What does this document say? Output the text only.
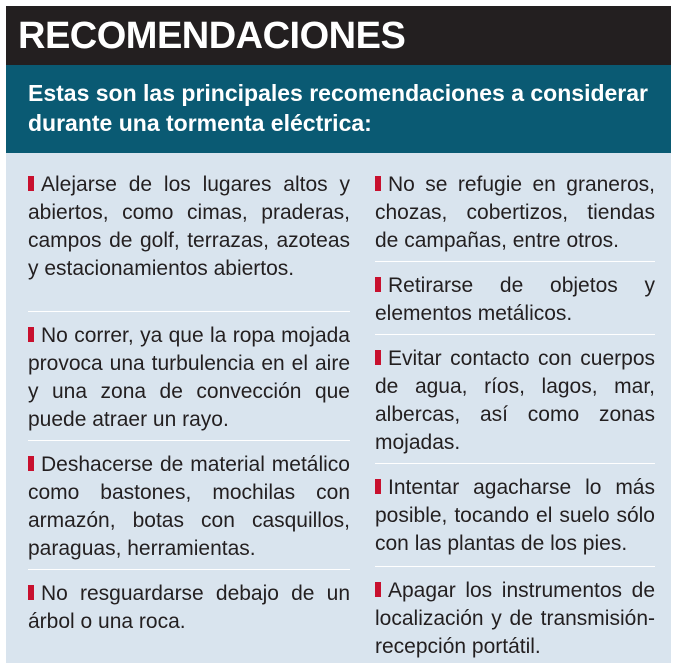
RECOMENDACIONES

Estas son las principales recomendaciones a considerar durante una tormenta eléctrica:

Alejarse de los lugares altos y abiertos, como cimas, praderas, campos de golf, terrazas, azoteas y estacionamientos abiertos.
No correr, ya que la ropa mojada provoca una turbulencia en el aire y una zona de convección que puede atraer un rayo.
Deshacerse de material metálico como bastones, mochilas con armazón, botas con casquillos, paraguas, herramientas.
No resguardarse debajo de un árbol o una roca.
No se refugie en graneros, chozas, cobertizos, tiendas de campañas, entre otros.
Retirarse de objetos y elementos metálicos.
Evitar contacto con cuerpos de agua, ríos, lagos, mar, albercas, así como zonas mojadas.
Intentar agacharse lo más posible, tocando el suelo sólo con las plantas de los pies.
Apagar los instrumentos de localización y de transmisión-recepción portátil.
